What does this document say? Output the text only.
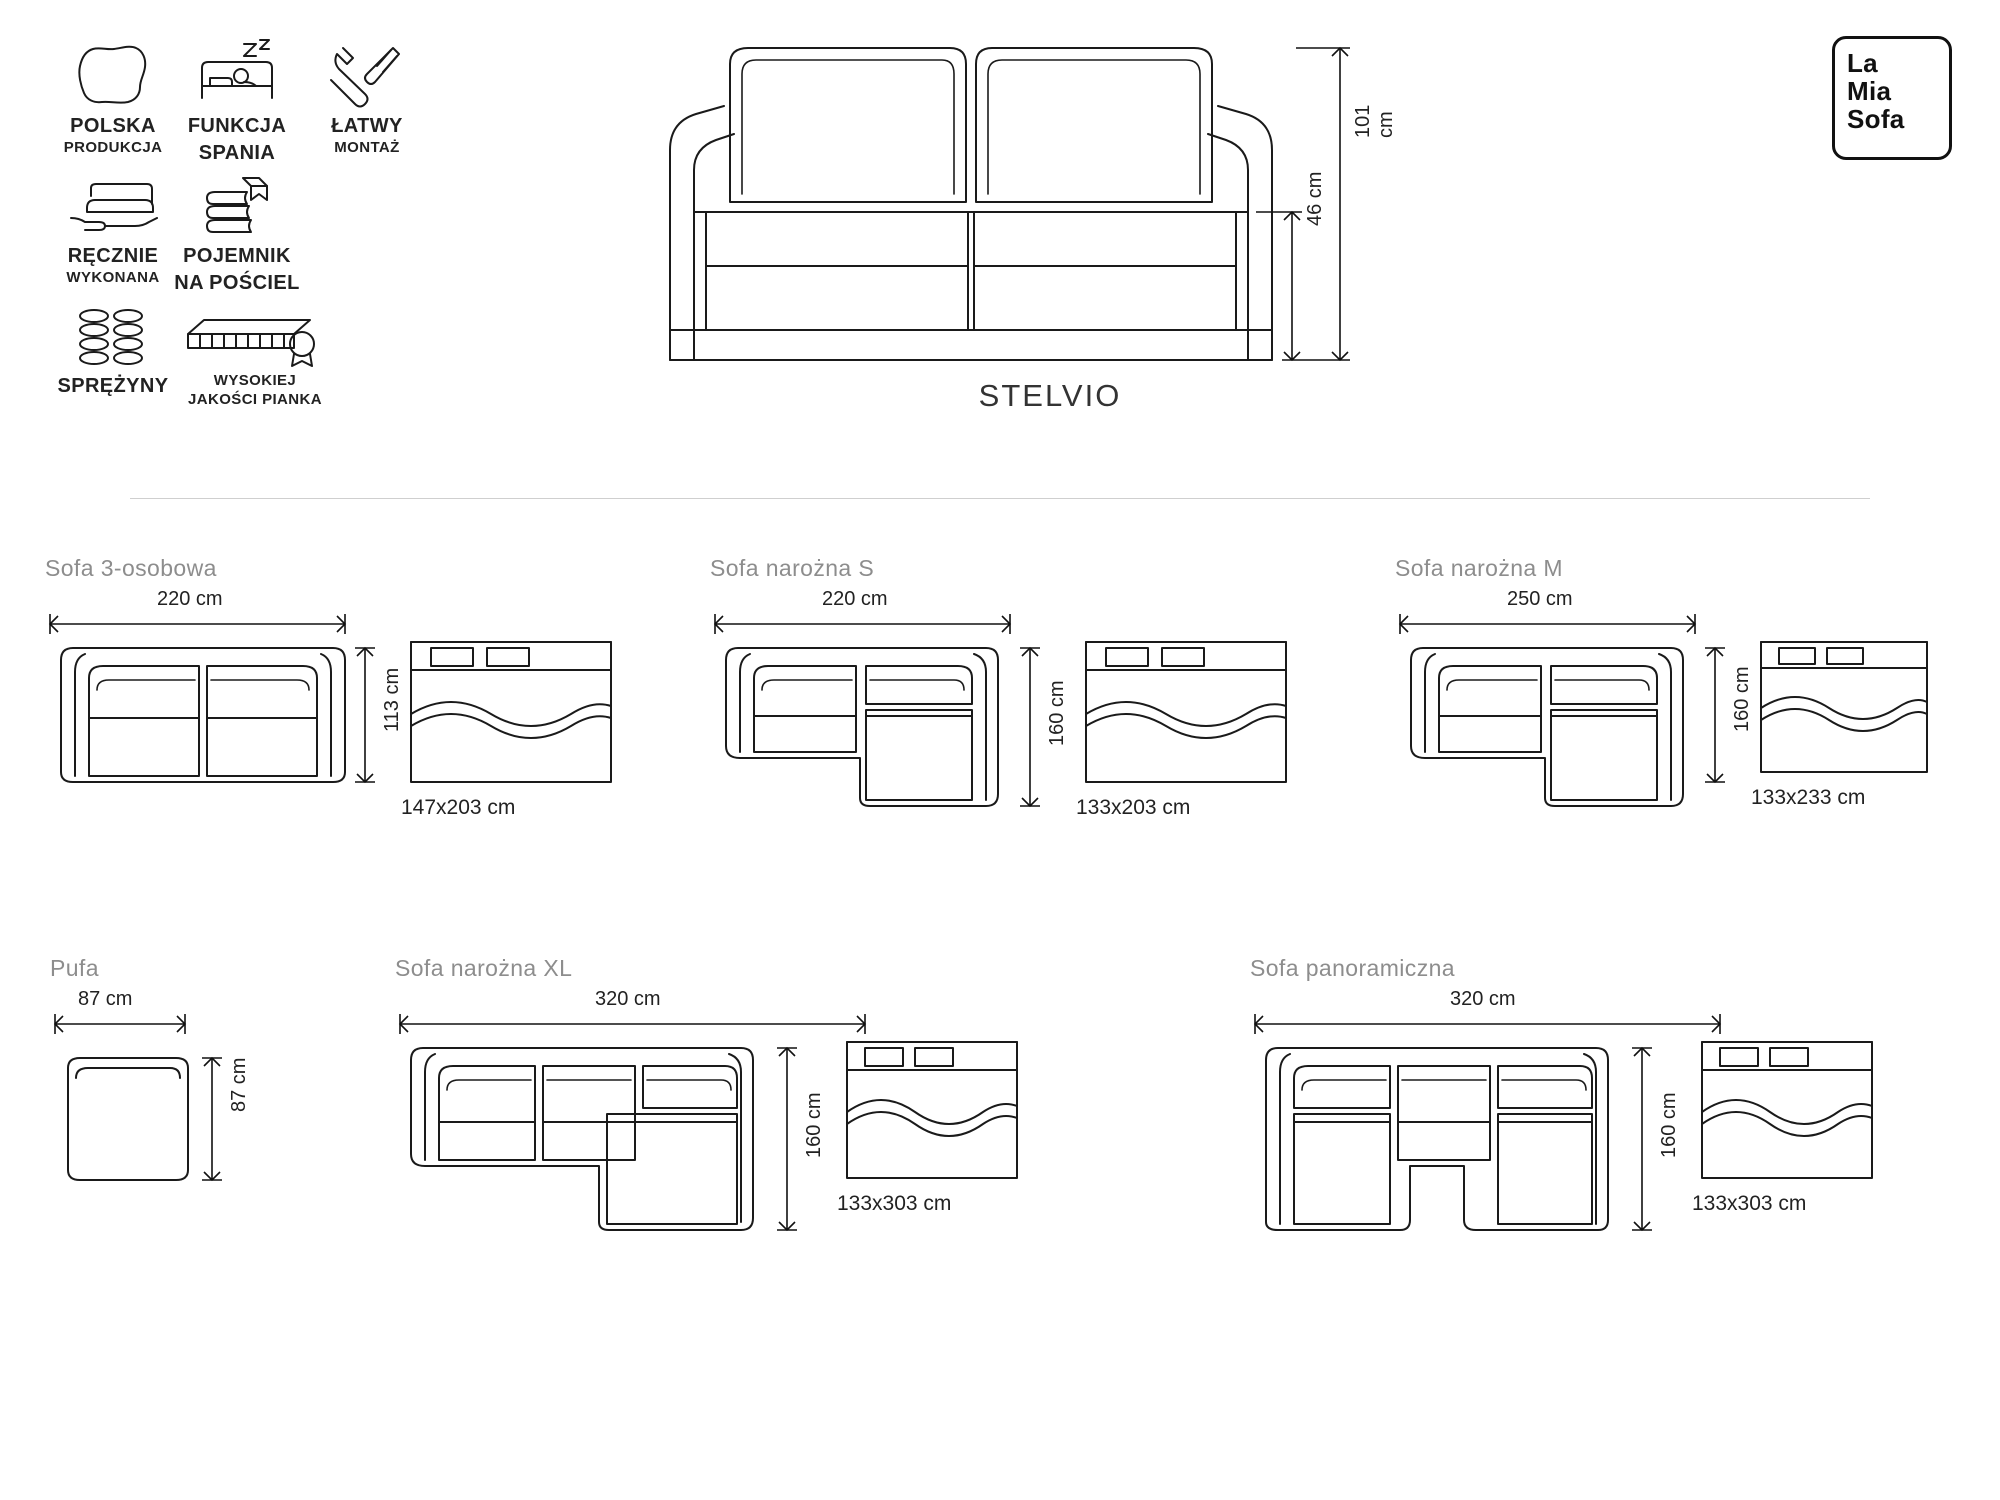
POLSKA
PRODUKCJA
FUNKCJA
SPANIA
ŁATWY
MONTAŻ
RĘCZNIE
WYKONANA
POJEMNIK
NA POŚCIEL
SPRĘŻYNY	WYSOKIEJ
JAKOŚCI PIANKA
101 cm
46 cm
STELVIO
La
Mia
Sofa
Sofa 3-osobowa
220 cm
113 cm
147x203 cm
Sofa narożna S
220 cm
160 cm
133x203 cm
Sofa narożna M
250 cm
160 cm
133x233 cm
Pufa
87 cm
87 cm
Sofa narożna XL
320 cm
160 cm
133x303 cm
Sofa panoramiczna
320 cm
160 cm
133x303 cm
